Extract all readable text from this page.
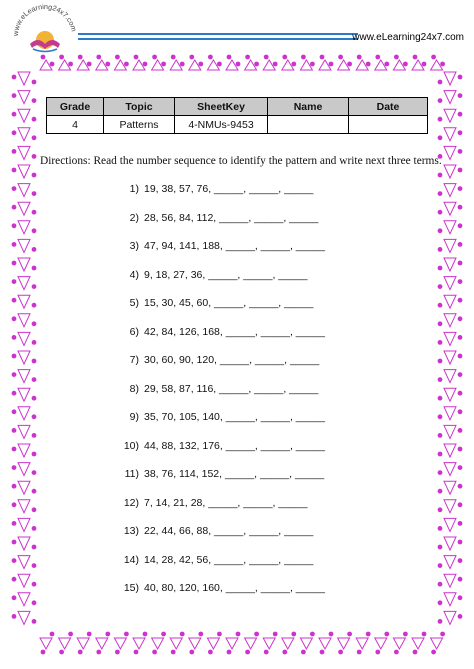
www.eLearning24x7.com
www.eLearning24x7.com
Grade	Topic	SheetKey	Name	Date
4	Patterns	4-NMUs-9453		
Directions: Read the number sequence to identify the pattern and write next three terms.
1) 19, 38, 57, 76, _____, _____, _____
2) 28, 56, 84, 112, _____, _____, _____
3) 47, 94, 141, 188, _____, _____, _____
4) 9, 18, 27, 36, _____, _____, _____
5) 15, 30, 45, 60, _____, _____, _____
6) 42, 84, 126, 168, _____, _____, _____
7) 30, 60, 90, 120, _____, _____, _____
8) 29, 58, 87, 116, _____, _____, _____
9) 35, 70, 105, 140, _____, _____, _____
10) 44, 88, 132, 176, _____, _____, _____
11) 38, 76, 114, 152, _____, _____, _____
12) 7, 14, 21, 28, _____, _____, _____
13) 22, 44, 66, 88, _____, _____, _____
14) 14, 28, 42, 56, _____, _____, _____
15) 40, 80, 120, 160, _____, _____, _____
